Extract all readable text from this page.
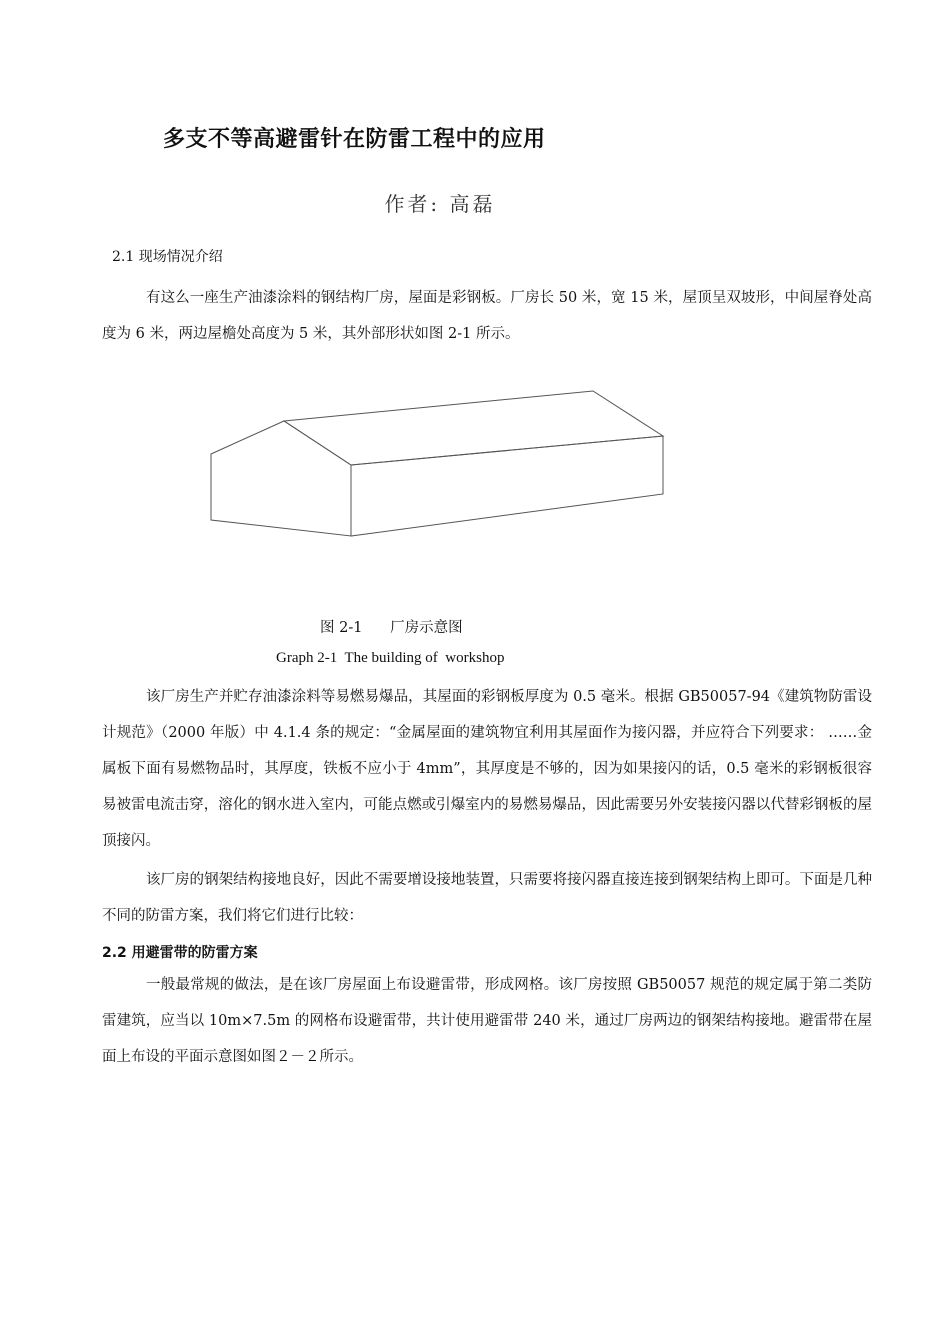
多支不等高避雷针在防雷工程中的应用
作者: 高磊
2.1 现场情况介绍

有这么一座生产油漆涂料的钢结构厂房，屋面是彩钢板。厂房长 50 米，宽 15 米，屋顶呈双坡形，中间屋脊处高度为 6 米，两边屋檐处高度为 5 米，其外部形状如图 2-1 所示。

图 2-1      厂房示意图
Graph 2-1  The building of  workshop

该厂房生产并贮存油漆涂料等易燃易爆品，其屋面的彩钢板厚度为 0.5 毫米。根据 GB50057-94《建筑物防雷设计规范》（2000 年版）中 4.1.4 条的规定：“金属屋面的建筑物宜利用其屋面作为接闪器，并应符合下列要求： ……金属板下面有易燃物品时，其厚度，铁板不应小于 4mm”，其厚度是不够的，因为如果接闪的话，0.5 毫米的彩钢板很容易被雷电流击穿，溶化的钢水进入室内，可能点燃或引爆室内的易燃易爆品，因此需要另外安装接闪器以代替彩钢板的屋顶接闪。

该厂房的钢架结构接地良好，因此不需要增设接地装置，只需要将接闪器直接连接到钢架结构上即可。下面是几种不同的防雷方案，我们将它们进行比较：

2.2 用避雷带的防雷方案

一般最常规的做法，是在该厂房屋面上布设避雷带，形成网格。该厂房按照 GB50057 规范的规定属于第二类防雷建筑，应当以 10m×7.5m 的网格布设避雷带，共计使用避雷带 240 米，通过厂房两边的钢架结构接地。避雷带在屋面上布设的平面示意图如图２－２所示。
